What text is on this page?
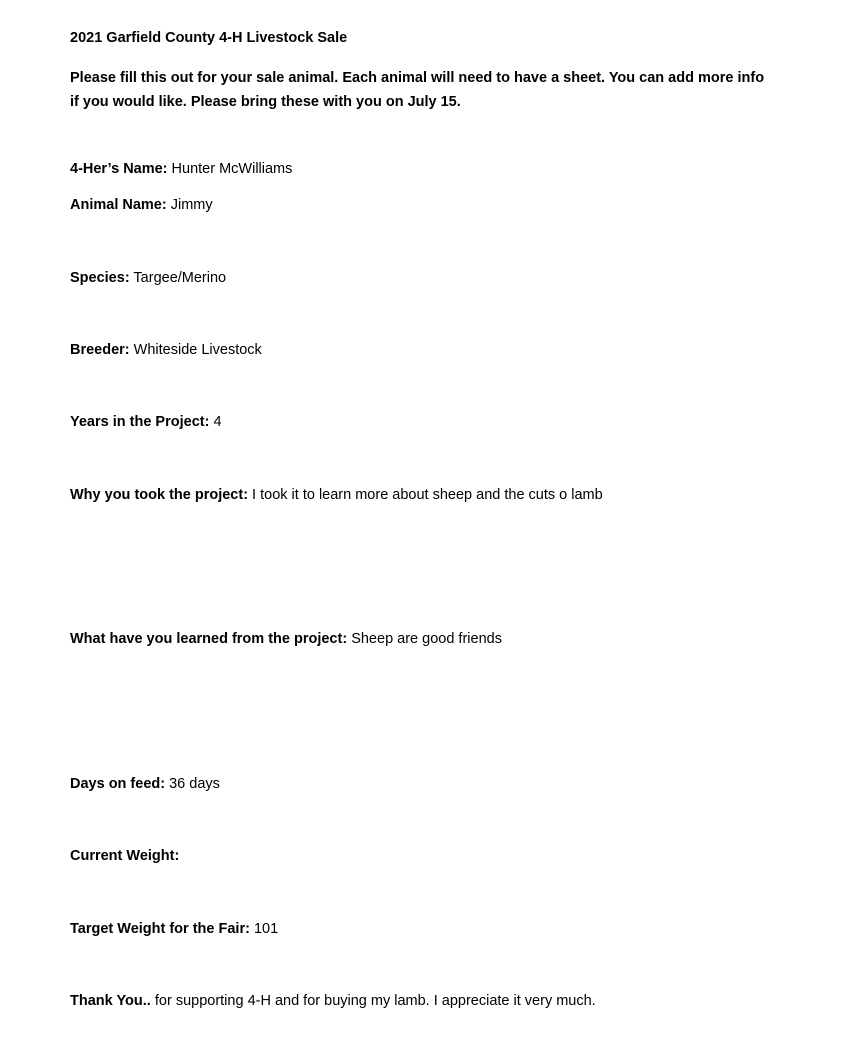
2021 Garfield County 4-H Livestock Sale
Please fill this out for your sale animal. Each animal will need to have a sheet. You can add more info
if you would like. Please bring these with you on July 15.
4-Her’s Name: Hunter McWilliams
Animal Name: Jimmy
Species: Targee/Merino
Breeder: Whiteside Livestock
Years in the Project: 4
Why you took the project: I took it to learn more about sheep and the cuts o lamb
What have you learned from the project: Sheep are good friends
Days on feed: 36 days
Current Weight:
Target Weight for the Fair: 101
Thank You.. for supporting 4-H and for buying my lamb. I appreciate it very much.
